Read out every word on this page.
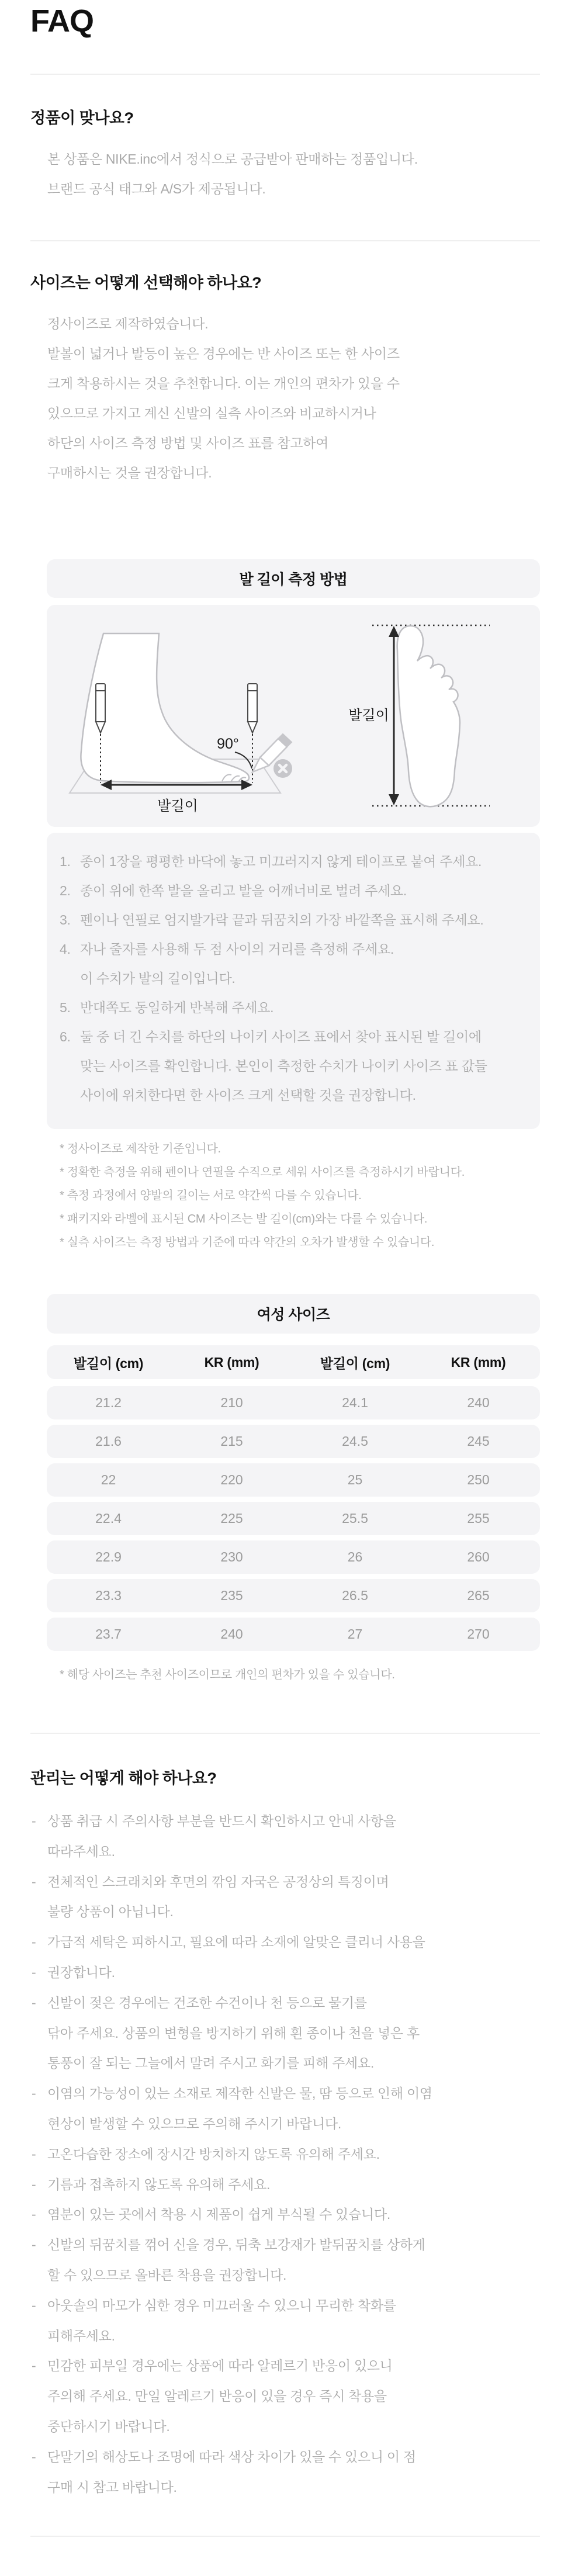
FAQ
정품이 맞나요?
본 상품은 NIKE.inc에서 정식으로 공급받아 판매하는 정품입니다.
브랜드 공식 태그와 A/S가 제공됩니다.
사이즈는 어떻게 선택해야 하나요?
정사이즈로 제작하였습니다.
발볼이 넓거나 발등이 높은 경우에는 반 사이즈 또는 한 사이즈
크게 착용하시는 것을 추천합니다. 이는 개인의 편차가 있을 수
있으므로 가지고 계신 신발의 실측 사이즈와 비교하시거나
하단의 사이즈 측정 방법 및 사이즈 표를 참고하여
구매하시는 것을 권장합니다.
발 길이 측정 방법
90°
발길이
발길이
1. 종이 1장을 평평한 바닥에 놓고 미끄러지지 않게 테이프로 붙여 주세요.
2. 종이 위에 한쪽 발을 올리고 발을 어깨너비로 벌려 주세요.
3. 펜이나 연필로 엄지발가락 끝과 뒤꿈치의 가장 바깥쪽을 표시해 주세요.
4. 자나 줄자를 사용해 두 점 사이의 거리를 측정해 주세요.
이 수치가 발의 길이입니다.
5. 반대쪽도 동일하게 반복해 주세요.
6. 둘 중 더 긴 수치를 하단의 나이키 사이즈 표에서 찾아 표시된 발 길이에
맞는 사이즈를 확인합니다. 본인이 측정한 수치가 나이키 사이즈 표 값들
사이에 위치한다면 한 사이즈 크게 선택할 것을 권장합니다.
* 정사이즈로 제작한 기준입니다.
* 정확한 측정을 위해 펜이나 연필을 수직으로 세워 사이즈를 측정하시기 바랍니다.
* 측정 과정에서 양발의 길이는 서로 약간씩 다를 수 있습니다.
* 패키지와 라벨에 표시된 CM 사이즈는 발 길이(cm)와는 다를 수 있습니다.
* 실측 사이즈는 측정 방법과 기준에 따라 약간의 오차가 발생할 수 있습니다.
여성 사이즈
발길이 (cm)	KR (mm)	발길이 (cm)	KR (mm)
21.2	210	24.1	240
21.6	215	24.5	245
22	220	25	250
22.4	225	25.5	255
22.9	230	26	260
23.3	235	26.5	265
23.7	240	27	270
* 해당 사이즈는 추천 사이즈이므로 개인의 편차가 있을 수 있습니다.
관리는 어떻게 해야 하나요?
- 상품 취급 시 주의사항 부분을 반드시 확인하시고 안내 사항을
따라주세요.
- 전체적인 스크래치와 후면의 깎임 자국은 공정상의 특징이며
불량 상품이 아닙니다.
- 가급적 세탁은 피하시고, 필요에 따라 소재에 알맞은 클리너 사용을
- 권장합니다.
- 신발이 젖은 경우에는 건조한 수건이나 천 등으로 물기를
닦아 주세요. 상품의 변형을 방지하기 위해 흰 종이나 천을 넣은 후
통풍이 잘 되는 그늘에서 말려 주시고 화기를 피해 주세요.
- 이염의 가능성이 있는 소재로 제작한 신발은 물, 땀 등으로 인해 이염
현상이 발생할 수 있으므로 주의해 주시기 바랍니다.
- 고온다습한 장소에 장시간 방치하지 않도록 유의해 주세요.
- 기름과 접촉하지 않도록 유의해 주세요.
- 염분이 있는 곳에서 착용 시 제품이 쉽게 부식될 수 있습니다.
- 신발의 뒤꿈치를 꺾어 신을 경우, 뒤축 보강재가 발뒤꿈치를 상하게
할 수 있으므로 올바른 착용을 권장합니다.
- 아웃솔의 마모가 심한 경우 미끄러울 수 있으니 무리한 착화를
피해주세요.
- 민감한 피부일 경우에는 상품에 따라 알레르기 반응이 있으니
주의해 주세요. 만일 알레르기 반응이 있을 경우 즉시 착용을
중단하시기 바랍니다.
- 단말기의 해상도나 조명에 따라 색상 차이가 있을 수 있으니 이 점
구매 시 참고 바랍니다.
